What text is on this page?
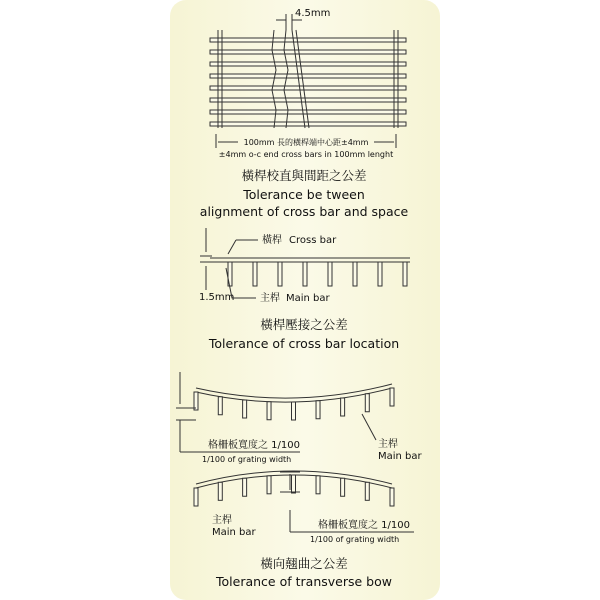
4.5mm
100mm 長的橫桿端中心距±4mm
±4mm o-c end cross bars in 100mm lenght
橫桿校直與間距之公差
Tolerance be tween
alignment of cross bar and space
1.5mm
橫桿 Cross bar
主桿 Main bar
橫桿壓接之公差
Tolerance of cross bar location
格柵板寬度之 1/100
1/100 of grating width
主桿
Main bar
格柵板寬度之 1/100
1/100 of grating width
主桿
Main bar
橫向翹曲之公差
Tolerance of transverse bow
